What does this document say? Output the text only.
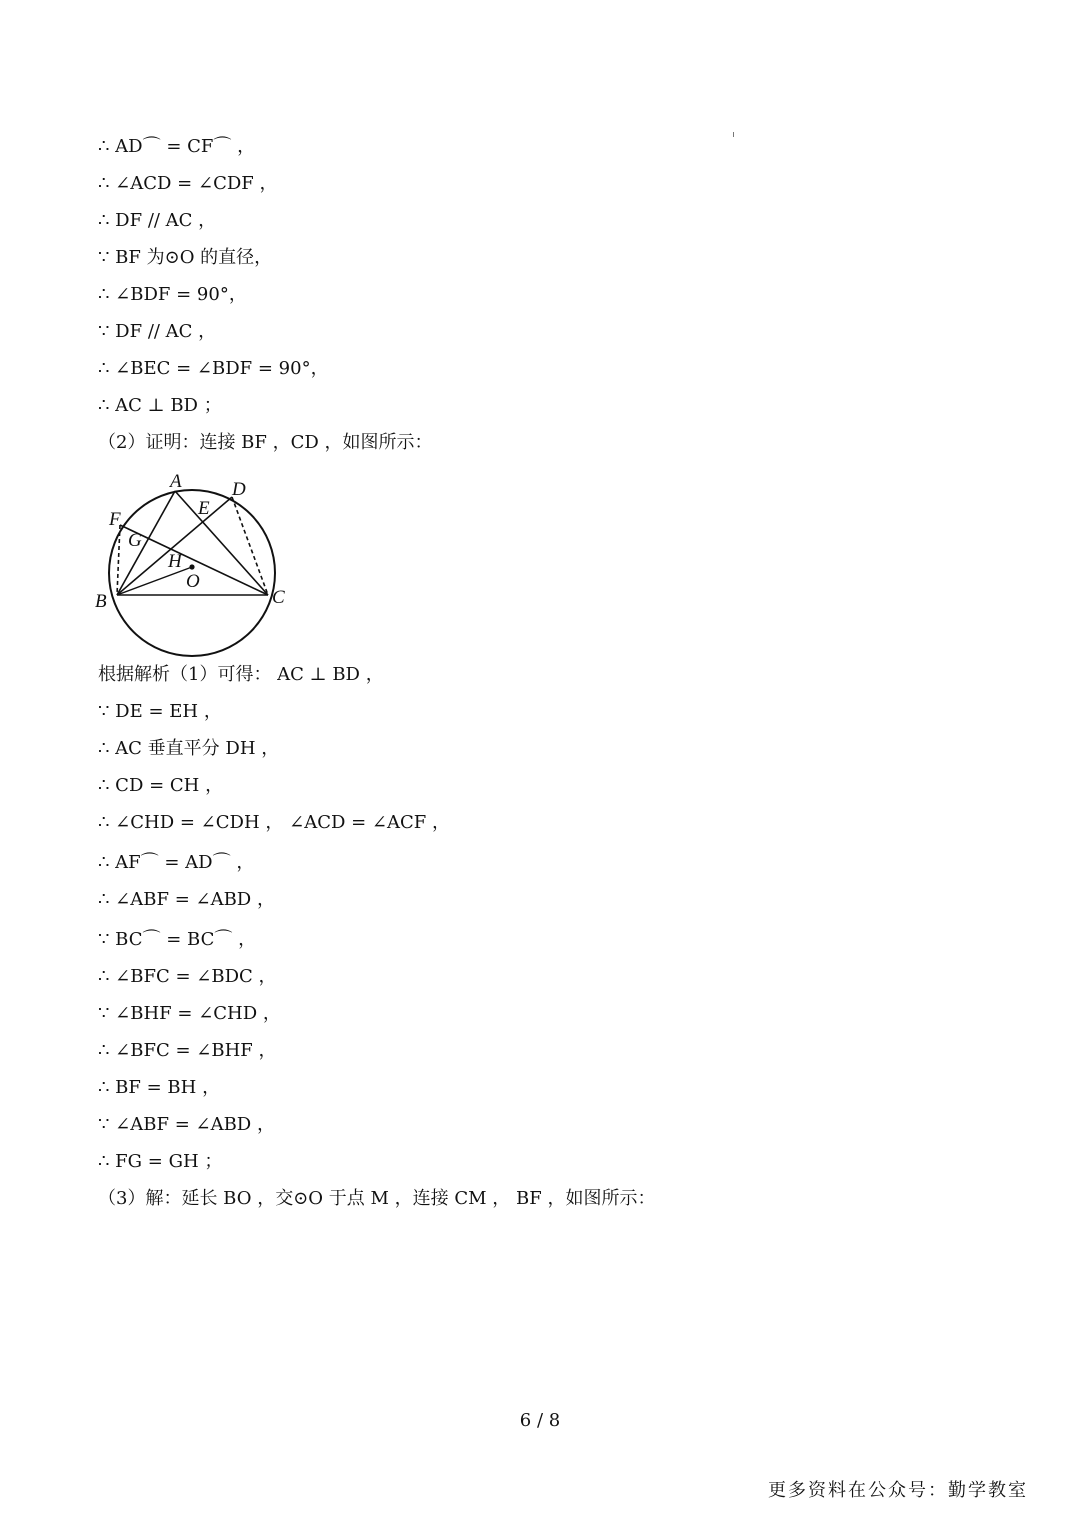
∴ AD⌒ = CF⌒ ，
∴ ∠ACD = ∠CDF ，
∴ DF // AC ，
∵ BF 为⊙O 的直径，
∴ ∠BDF = 90°，
∵ DF // AC ，
∴ ∠BEC = ∠BDF = 90°，
∴ AC ⊥ BD ；
（2）证明：连接 BF ，CD ，如图所示：
A
B	C
D
E
F
G
H
O
根据解析（1）可得： AC ⊥ BD ，
∵ DE = EH ，
∴ AC 垂直平分 DH ，
∴ CD = CH ，
∴ ∠CHD = ∠CDH ， ∠ACD = ∠ACF ，
∴ AF⌒ = AD⌒ ，
∴ ∠ABF = ∠ABD ，
∵ BC⌒ = BC⌒ ，
∴ ∠BFC = ∠BDC ，
∵ ∠BHF = ∠CHD ，
∴ ∠BFC = ∠BHF ，
∴ BF = BH ，
∵ ∠ABF = ∠ABD ，
∴ FG = GH ；
（3）解：延长 BO ，交⊙O 于点 M ，连接 CM ， BF ，如图所示：
6 / 8
更多资料在公众号：勤学教室
